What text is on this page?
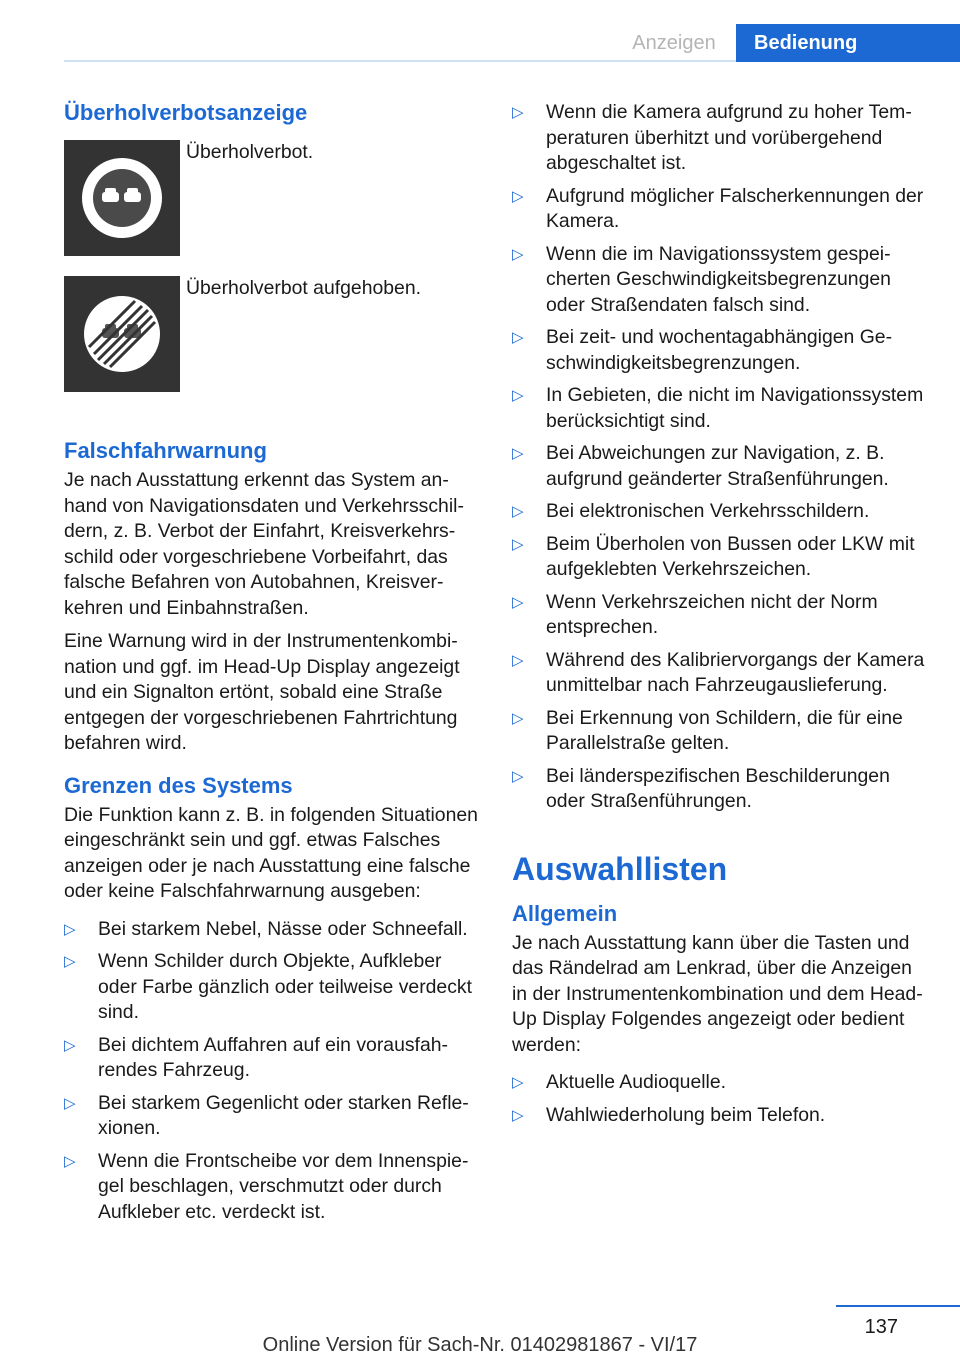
Anzeigen	Bedienung
Überholverbotsanzeige
Überholverbot.
Überholverbot aufgehoben.
Falschfahrwarnung

Je nach Ausstattung erkennt das System anhand von Navigationsdaten und Verkehrsschildern, z. B. Verbot der Einfahrt, Kreisverkehrsschild oder vorgeschriebene Vorbeifahrt, das falsche Befahren von Autobahnen, Kreisverkehren und Einbahnstraßen.

Eine Warnung wird in der Instrumentenkombination und ggf. im Head-Up Display angezeigt und ein Signalton ertönt, sobald eine Straße entgegen der vorgeschriebenen Fahrtrichtung befahren wird.

Grenzen des Systems

Die Funktion kann z. B. in folgenden Situationen eingeschränkt sein und ggf. etwas Falsches anzeigen oder je nach Ausstattung eine falsche oder keine Falschfahrwarnung ausgeben:

▷	Bei starkem Nebel, Nässe oder Schneefall.
▷	Wenn Schilder durch Objekte, Aufkleber oder Farbe gänzlich oder teilweise verdeckt sind.
▷	Bei dichtem Auffahren auf ein vorausfahrendes Fahrzeug.
▷	Bei starkem Gegenlicht oder starken Reflexionen.
▷	Wenn die Frontscheibe vor dem Innenspiegel beschlagen, verschmutzt oder durch Aufkleber etc. verdeckt ist.
▷	Wenn die Kamera aufgrund zu hoher Temperaturen überhitzt und vorübergehend abgeschaltet ist.
▷	Aufgrund möglicher Falscherkennungen der Kamera.
▷	Wenn die im Navigationssystem gespeicherten Geschwindigkeitsbegrenzungen oder Straßendaten falsch sind.
▷	Bei zeit- und wochentagabhängigen Geschwindigkeitsbegrenzungen.
▷	In Gebieten, die nicht im Navigationssystem berücksichtigt sind.
▷	Bei Abweichungen zur Navigation, z. B. aufgrund geänderter Straßenführungen.
▷	Bei elektronischen Verkehrsschildern.
▷	Beim Überholen von Bussen oder LKW mit aufgeklebten Verkehrszeichen.
▷	Wenn Verkehrszeichen nicht der Norm entsprechen.
▷	Während des Kalibriervorgangs der Kamera unmittelbar nach Fahrzeugauslieferung.
▷	Bei Erkennung von Schildern, die für eine Parallelstraße gelten.
▷	Bei länderspezifischen Beschilderungen oder Straßenführungen.
Auswahllisten
Allgemein

Je nach Ausstattung kann über die Tasten und das Rändelrad am Lenkrad, über die Anzeigen in der Instrumentenkombination und dem Head-Up Display Folgendes angezeigt oder bedient werden:

▷	Aktuelle Audioquelle.
▷	Wahlwiederholung beim Telefon.
137
Online Version für Sach-Nr. 01402981867 - VI/17
